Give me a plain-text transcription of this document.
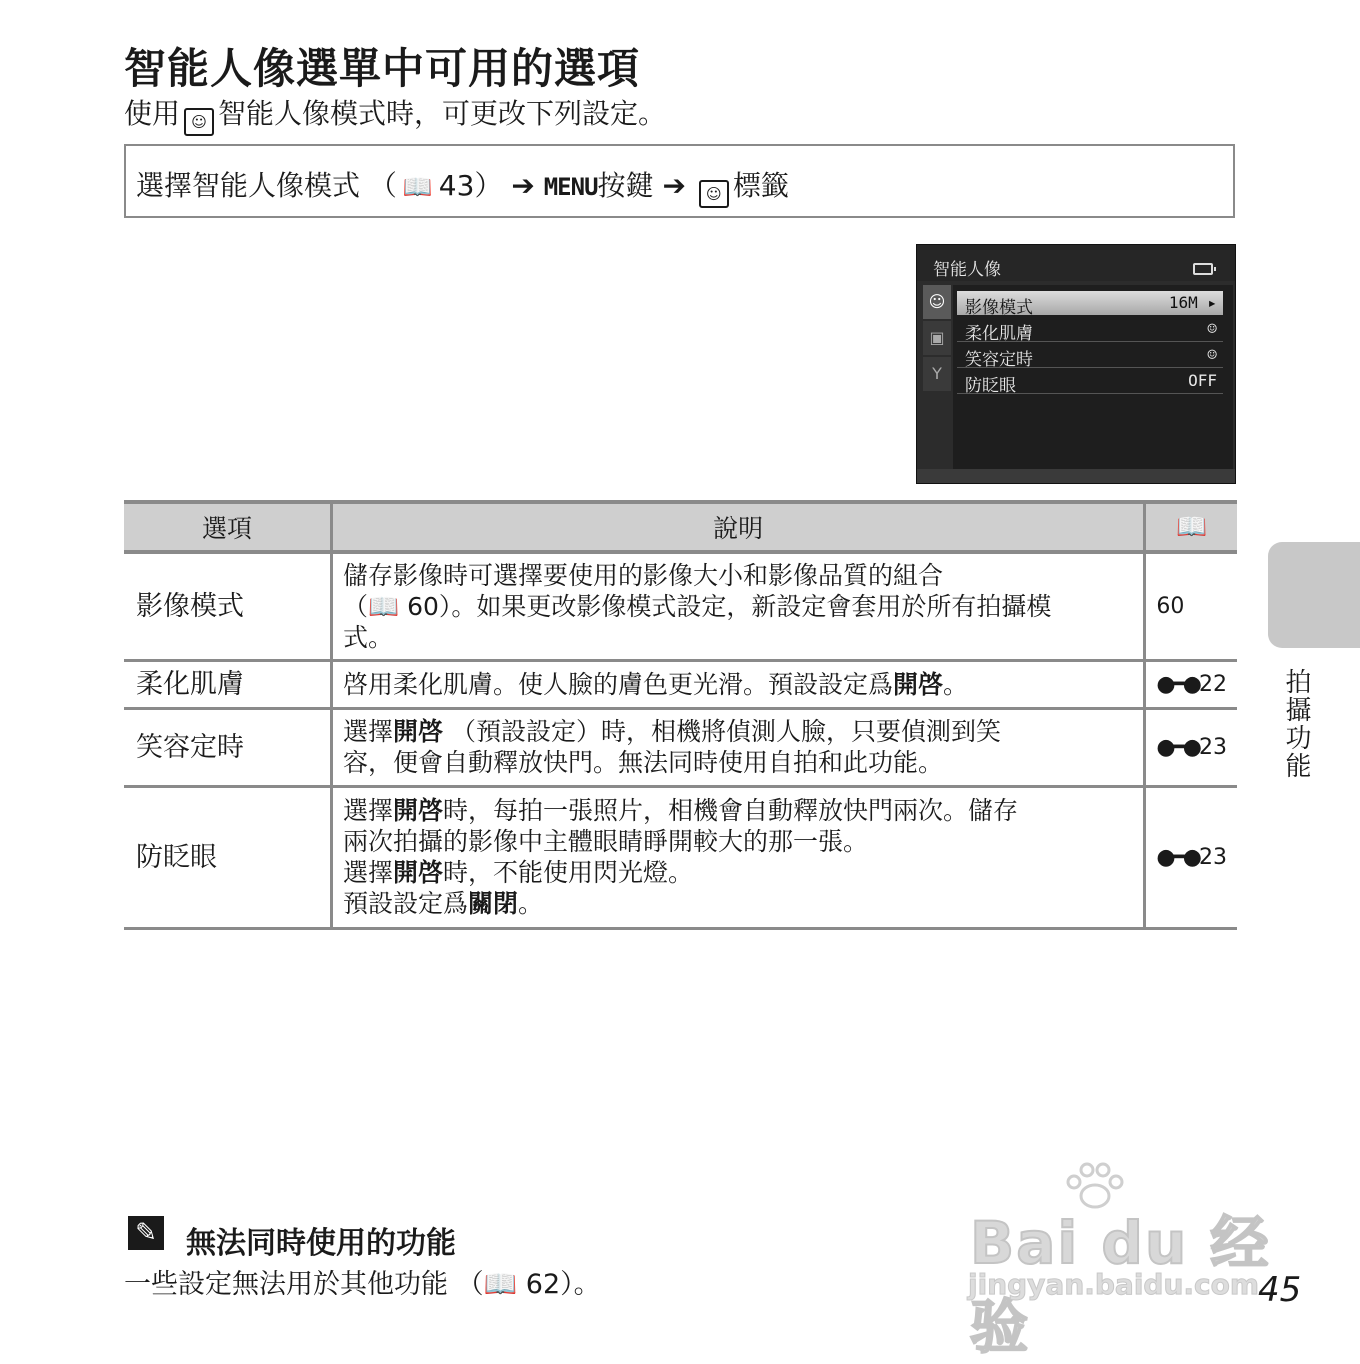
智能人像選單中可用的選項
使用 ☺ 智能人像模式時，可更改下列設定。
選擇智能人像模式 （ 📖 43） ➔ MENU按鍵 ➔ ☺ 標籤
智能人像
☺
▣
Y
影像模式	16M ▸
柔化肌膚	☺
笑容定時	☺
防眨眼	OFF
選項	說明	📖
影像模式	儲存影像時可選擇要使用的影像大小和影像品質的組合
（📖 60）。如果更改影像模式設定，新設定會套用於所有拍攝模
式。	60
柔化肌膚	啓用柔化肌膚。使人臉的膚色更光滑。預設設定爲開啓。	●━●22
笑容定時	選擇開啓 （預設設定）時，相機將偵測人臉，只要偵測到笑
容，便會自動釋放快門。無法同時使用自拍和此功能。	●━●23
防眨眼	選擇開啓時，每拍一張照片，相機會自動釋放快門兩次。儲存
兩次拍攝的影像中主體眼睛睜開較大的那一張。
選擇開啓時，不能使用閃光燈。
預設設定爲關閉。	●━●23
拍攝功能
✎ 無法同時使用的功能
一些設定無法用於其他功能 （📖 62）。
Bai du 经验
jingyan.baidu.com
45
